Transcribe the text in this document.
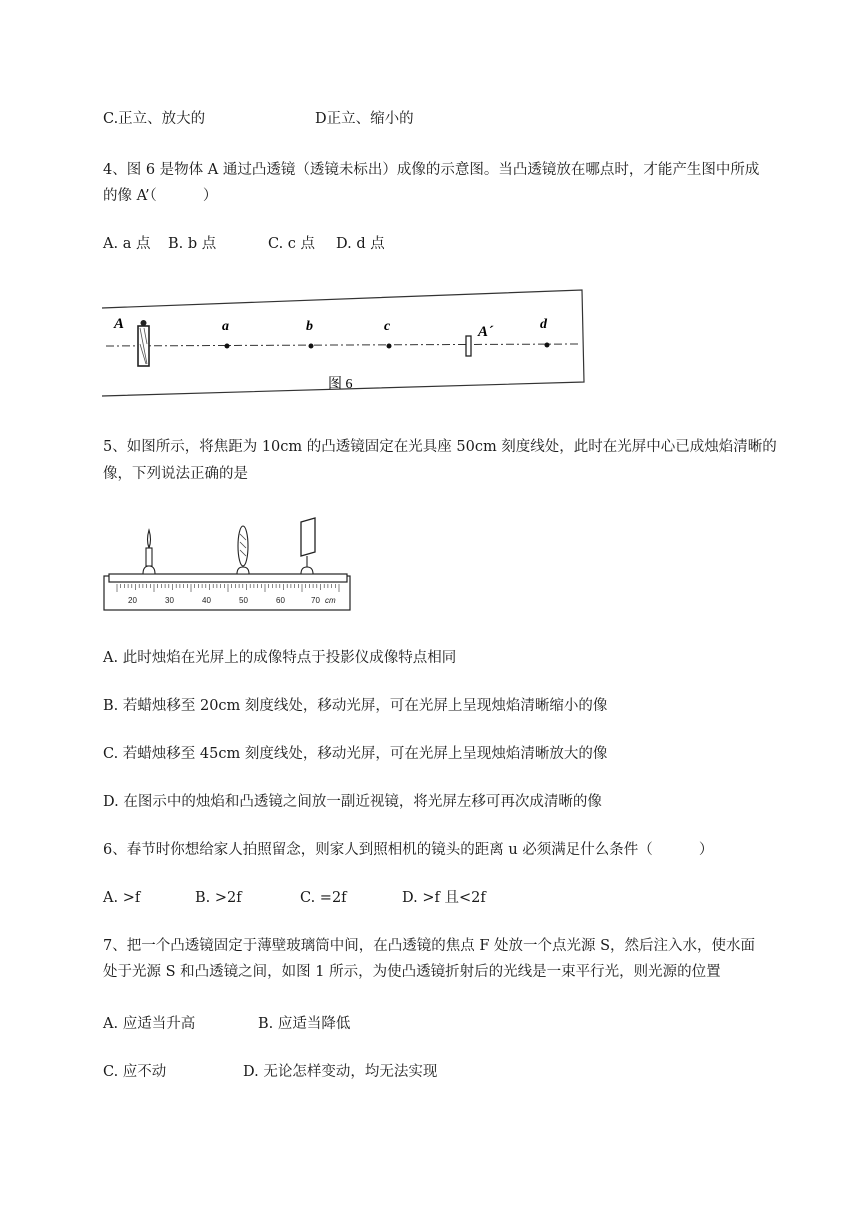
C.正立、放大的	D正立、缩小的
4、图 6 是物体 A 通过凸透镜（透镜未标出）成像的示意图。当凸透镜放在哪点时，才能产生图中所成
的像 A’（          ）
A. a 点 B. b 点	C. c 点 D. d 点
A	a	b	c	A´	d
图 6
5、如图所示，将焦距为 10cm 的凸透镜固定在光具座 50cm 刻度线处，此时在光屏中心已成烛焰清晰的
像，下列说法正确的是
20	30	40	50	60	70 cm
A. 此时烛焰在光屏上的成像特点于投影仪成像特点相同
B. 若蜡烛移至 20cm 刻度线处，移动光屏，可在光屏上呈现烛焰清晰缩小的像
C. 若蜡烛移至 45cm 刻度线处，移动光屏，可在光屏上呈现烛焰清晰放大的像
D. 在图示中的烛焰和凸透镜之间放一副近视镜，将光屏左移可再次成清晰的像
6、春节时你想给家人拍照留念，则家人到照相机的镜头的距离 u 必须满足什么条件（          ）
A. >f	B. >2f	C. =2f	D. >f 且<2f
7、把一个凸透镜固定于薄壁玻璃筒中间，在凸透镜的焦点 F 处放一个点光源 S，然后注入水，使水面
处于光源 S 和凸透镜之间，如图 1 所示，为使凸透镜折射后的光线是一束平行光，则光源的位置
A. 应适当升高	B. 应适当降低
C. 应不动	D. 无论怎样变动，均无法实现
